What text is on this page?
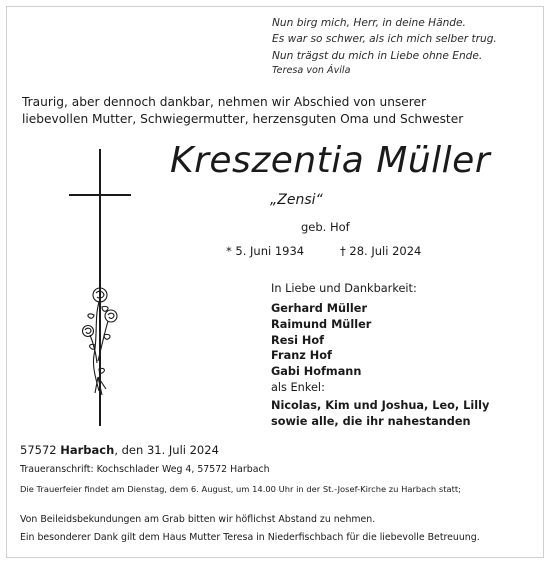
Nun birg mich, Herr, in deine Hände.
Es war so schwer, als ich mich selber trug.
Nun trägst du mich in Liebe ohne Ende.
Teresa von Ávila
Traurig, aber dennoch dankbar, nehmen wir Abschied von unserer
liebevollen Mutter, Schwiegermutter, herzensguten Oma und Schwester
Kreszentia Müller
„Zensi“
geb. Hof
* 5. Juni 1934	† 28. Juli 2024
In Liebe und Dankbarkeit:
Gerhard Müller
Raimund Müller
Resi Hof
Franz Hof
Gabi Hofmann
als Enkel:
Nicolas, Kim und Joshua, Leo, Lilly
sowie alle, die ihr nahestanden
57572 Harbach, den 31. Juli 2024
Traueranschrift: Kochschlader Weg 4, 57572 Harbach
Die Trauerfeier findet am Dienstag, dem 6. August, um 14.00 Uhr in der St.-Josef-Kirche zu Harbach statt;
Von Beileidsbekundungen am Grab bitten wir höflichst Abstand zu nehmen.
Ein besonderer Dank gilt dem Haus Mutter Teresa in Niederfischbach für die liebevolle Betreuung.
